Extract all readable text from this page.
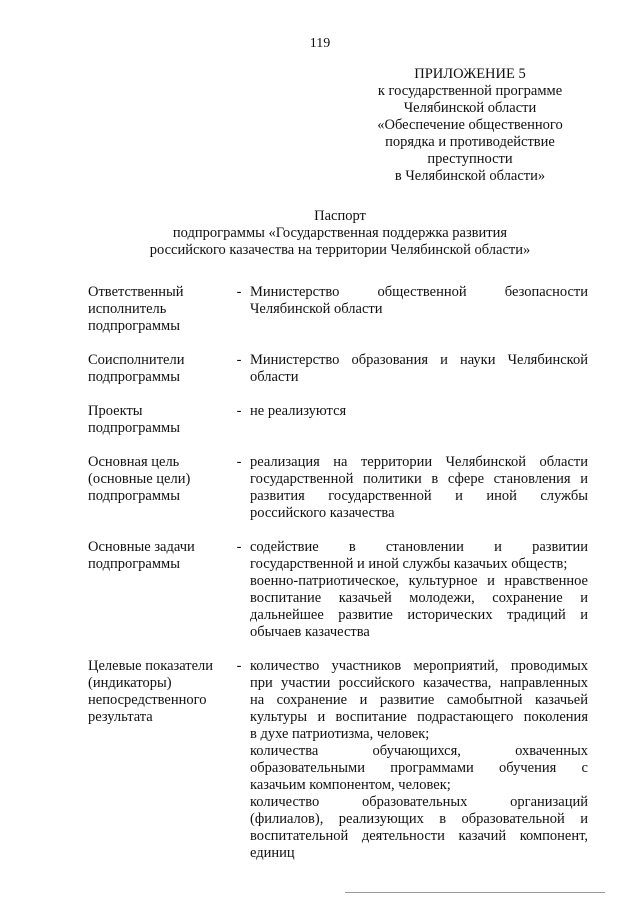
119
ПРИЛОЖЕНИЕ 5
к государственной программе
Челябинской области
«Обеспечение общественного
порядка и противодействие
преступности
в Челябинской области»
Паспорт
подпрограммы «Государственная поддержка развития
российского казачества на территории Челябинской области»
Ответственный
исполнитель
подпрограммы
- Министерство общественной безопасности
Челябинской области
Соисполнители
подпрограммы
- Министерство образования и науки Челябинской
области
Проекты
подпрограммы
- не реализуются
Основная цель
(основные цели)
подпрограммы
- реализация на территории Челябинской области
государственной политики в сфере становления и
развития государственной и иной службы
российского казачества
Основные задачи
подпрограммы
- содействие в становлении и развитии
государственной и иной службы казачьих обществ;
военно-патриотическое, культурное и нравственное
воспитание казачьей молодежи, сохранение и
дальнейшее развитие исторических традиций и
обычаев казачества
Целевые показатели
(индикаторы)
непосредственного
результата
- количество участников мероприятий, проводимых
при участии российского казачества, направленных
на сохранение и развитие самобытной казачьей
культуры и воспитание подрастающего поколения
в духе патриотизма, человек;
количества обучающихся, охваченных
образовательными программами обучения с
казачьим компонентом, человек;
количество образовательных организаций
(филиалов), реализующих в образовательной и
воспитательной деятельности казачий компонент,
единиц
